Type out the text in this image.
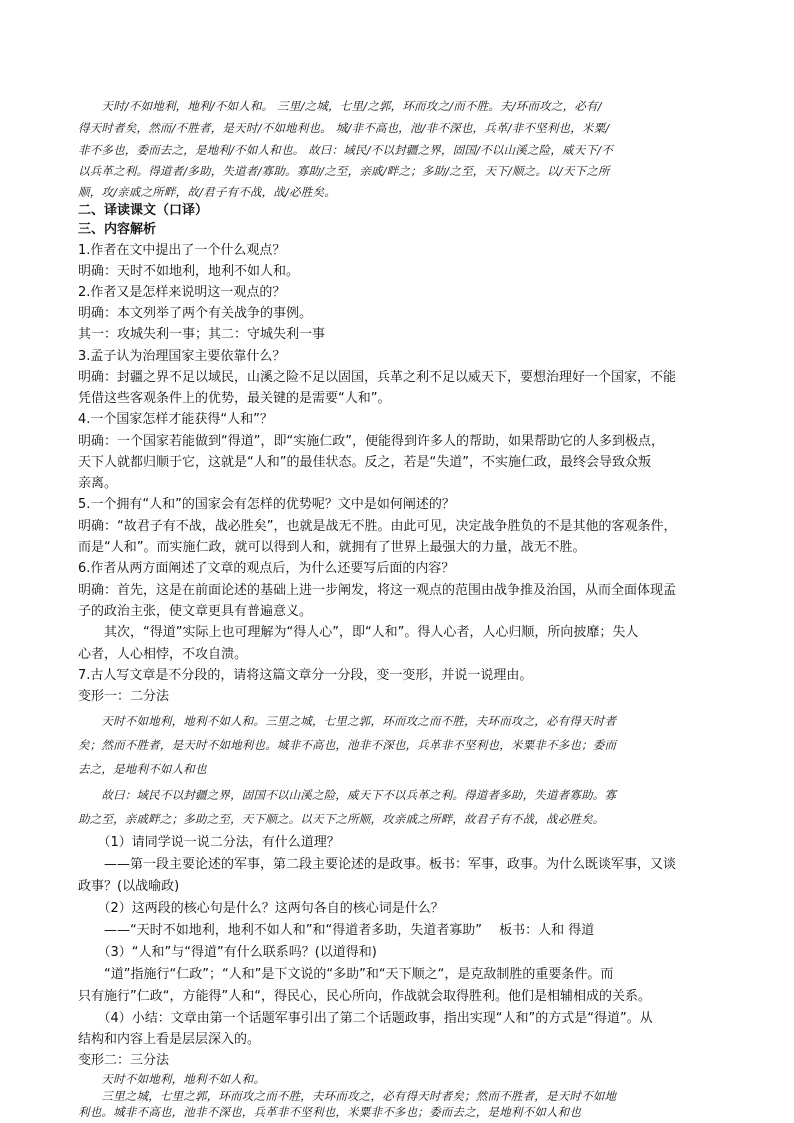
　　天时/不如地利，地利/不如人和。 三里/之城，七里/之郭，环而攻之/而不胜。夫/环而攻之，必有/
得天时者矣，然而/不胜者，是天时/不如地利也。 城/非不高也，池/非不深也，兵革/非不坚利也，米粟/
非不多也，委而去之，是地利/不如人和也。 故曰：域民/不以封疆之界，固国/不以山溪之险，威天下/不
以兵革之利。得道者/多助，失道者/寡助。寡助/之至，亲戚/畔之；多助/之至，天下/顺之。以/天下之所
顺，攻/亲戚之所畔，故/君子有不战，战/必胜矣。
二、译读课文（口译）
三、内容解析
1.作者在文中提出了一个什么观点？
明确：天时不如地利，地利不如人和。
2.作者又是怎样来说明这一观点的？
明确：本文列举了两个有关战争的事例。
其一：攻城失利一事；其二：守城失利一事
3.孟子认为治理国家主要依靠什么？
明确：封疆之界不足以域民，山溪之险不足以固国，兵革之利不足以威天下，要想治理好一个国家，不能
凭借这些客观条件上的优势，最关键的是需要“人和”。
4.一个国家怎样才能获得“人和”？
明确：一个国家若能做到“得道”，即“实施仁政”，便能得到许多人的帮助，如果帮助它的人多到极点，
天下人就都归顺于它，这就是“人和”的最佳状态。反之，若是“失道”，不实施仁政，最终会导致众叛
亲离。
5.一个拥有“人和”的国家会有怎样的优势呢？文中是如何阐述的？
明确：“故君子有不战，战必胜矣”，也就是战无不胜。由此可见，决定战争胜负的不是其他的客观条件，
而是“人和”。而实施仁政，就可以得到人和，就拥有了世界上最强大的力量，战无不胜。
6.作者从两方面阐述了文章的观点后，为什么还要写后面的内容？
明确：首先，这是在前面论述的基础上进一步阐发，将这一观点的范围由战争推及治国，从而全面体现孟
子的政治主张，使文章更具有普遍意义。
　　其次，“得道”实际上也可理解为“得人心”，即“人和”。得人心者，人心归顺，所向披靡；失人
心者，人心相悖，不攻自溃。
7.古人写文章是不分段的，请将这篇文章分一分段，变一变形，并说一说理由。
变形一：二分法
　　天时不如地利，地利不如人和。三里之城，七里之郭，环而攻之而不胜，夫环而攻之，必有得天时者
矣；然而不胜者，是天时不如地利也。城非不高也，池非不深也，兵革非不坚利也，米粟非不多也；委而
去之，是地利不如人和也
　　故曰：域民不以封疆之界，固国不以山溪之险，威天下不以兵革之利。得道者多助，失道者寡助。寡
助之至，亲戚畔之；多助之至，天下顺之。以天下之所顺，攻亲戚之所畔，故君子有不战，战必胜矣。
　　（1）请同学说一说二分法，有什么道理？
　　——第一段主要论述的军事，第二段主要论述的是政事。板书：军事，政事。为什么既谈军事，又谈
政事？(以战喻政)
　　（2）这两段的核心句是什么？这两句各自的核心词是什么？
　　——“天时不如地利，地利不如人和”和“得道者多助，失道者寡助”　 板书：人和 得道
　　（3）“人和”与“得道”有什么联系吗？(以道得和)
　　“道”指施行“仁政”；“人和”是下文说的“多助”和“天下顺之“，是克敌制胜的重要条件。而
只有施行”仁政“，方能得”人和“，得民心，民心所向，作战就会取得胜利。他们是相辅相成的关系。
　　（4）小结：文章由第一个话题军事引出了第二个话题政事，指出实现“人和”的方式是“得道”。从
结构和内容上看是层层深入的。
变形二：三分法
　　天时不如地利，地利不如人和。
　　三里之城，七里之郭，环而攻之而不胜，夫环而攻之，必有得天时者矣；然而不胜者，是天时不如地
利也。城非不高也，池非不深也，兵革非不坚利也，米粟非不多也；委而去之，是地利不如人和也
